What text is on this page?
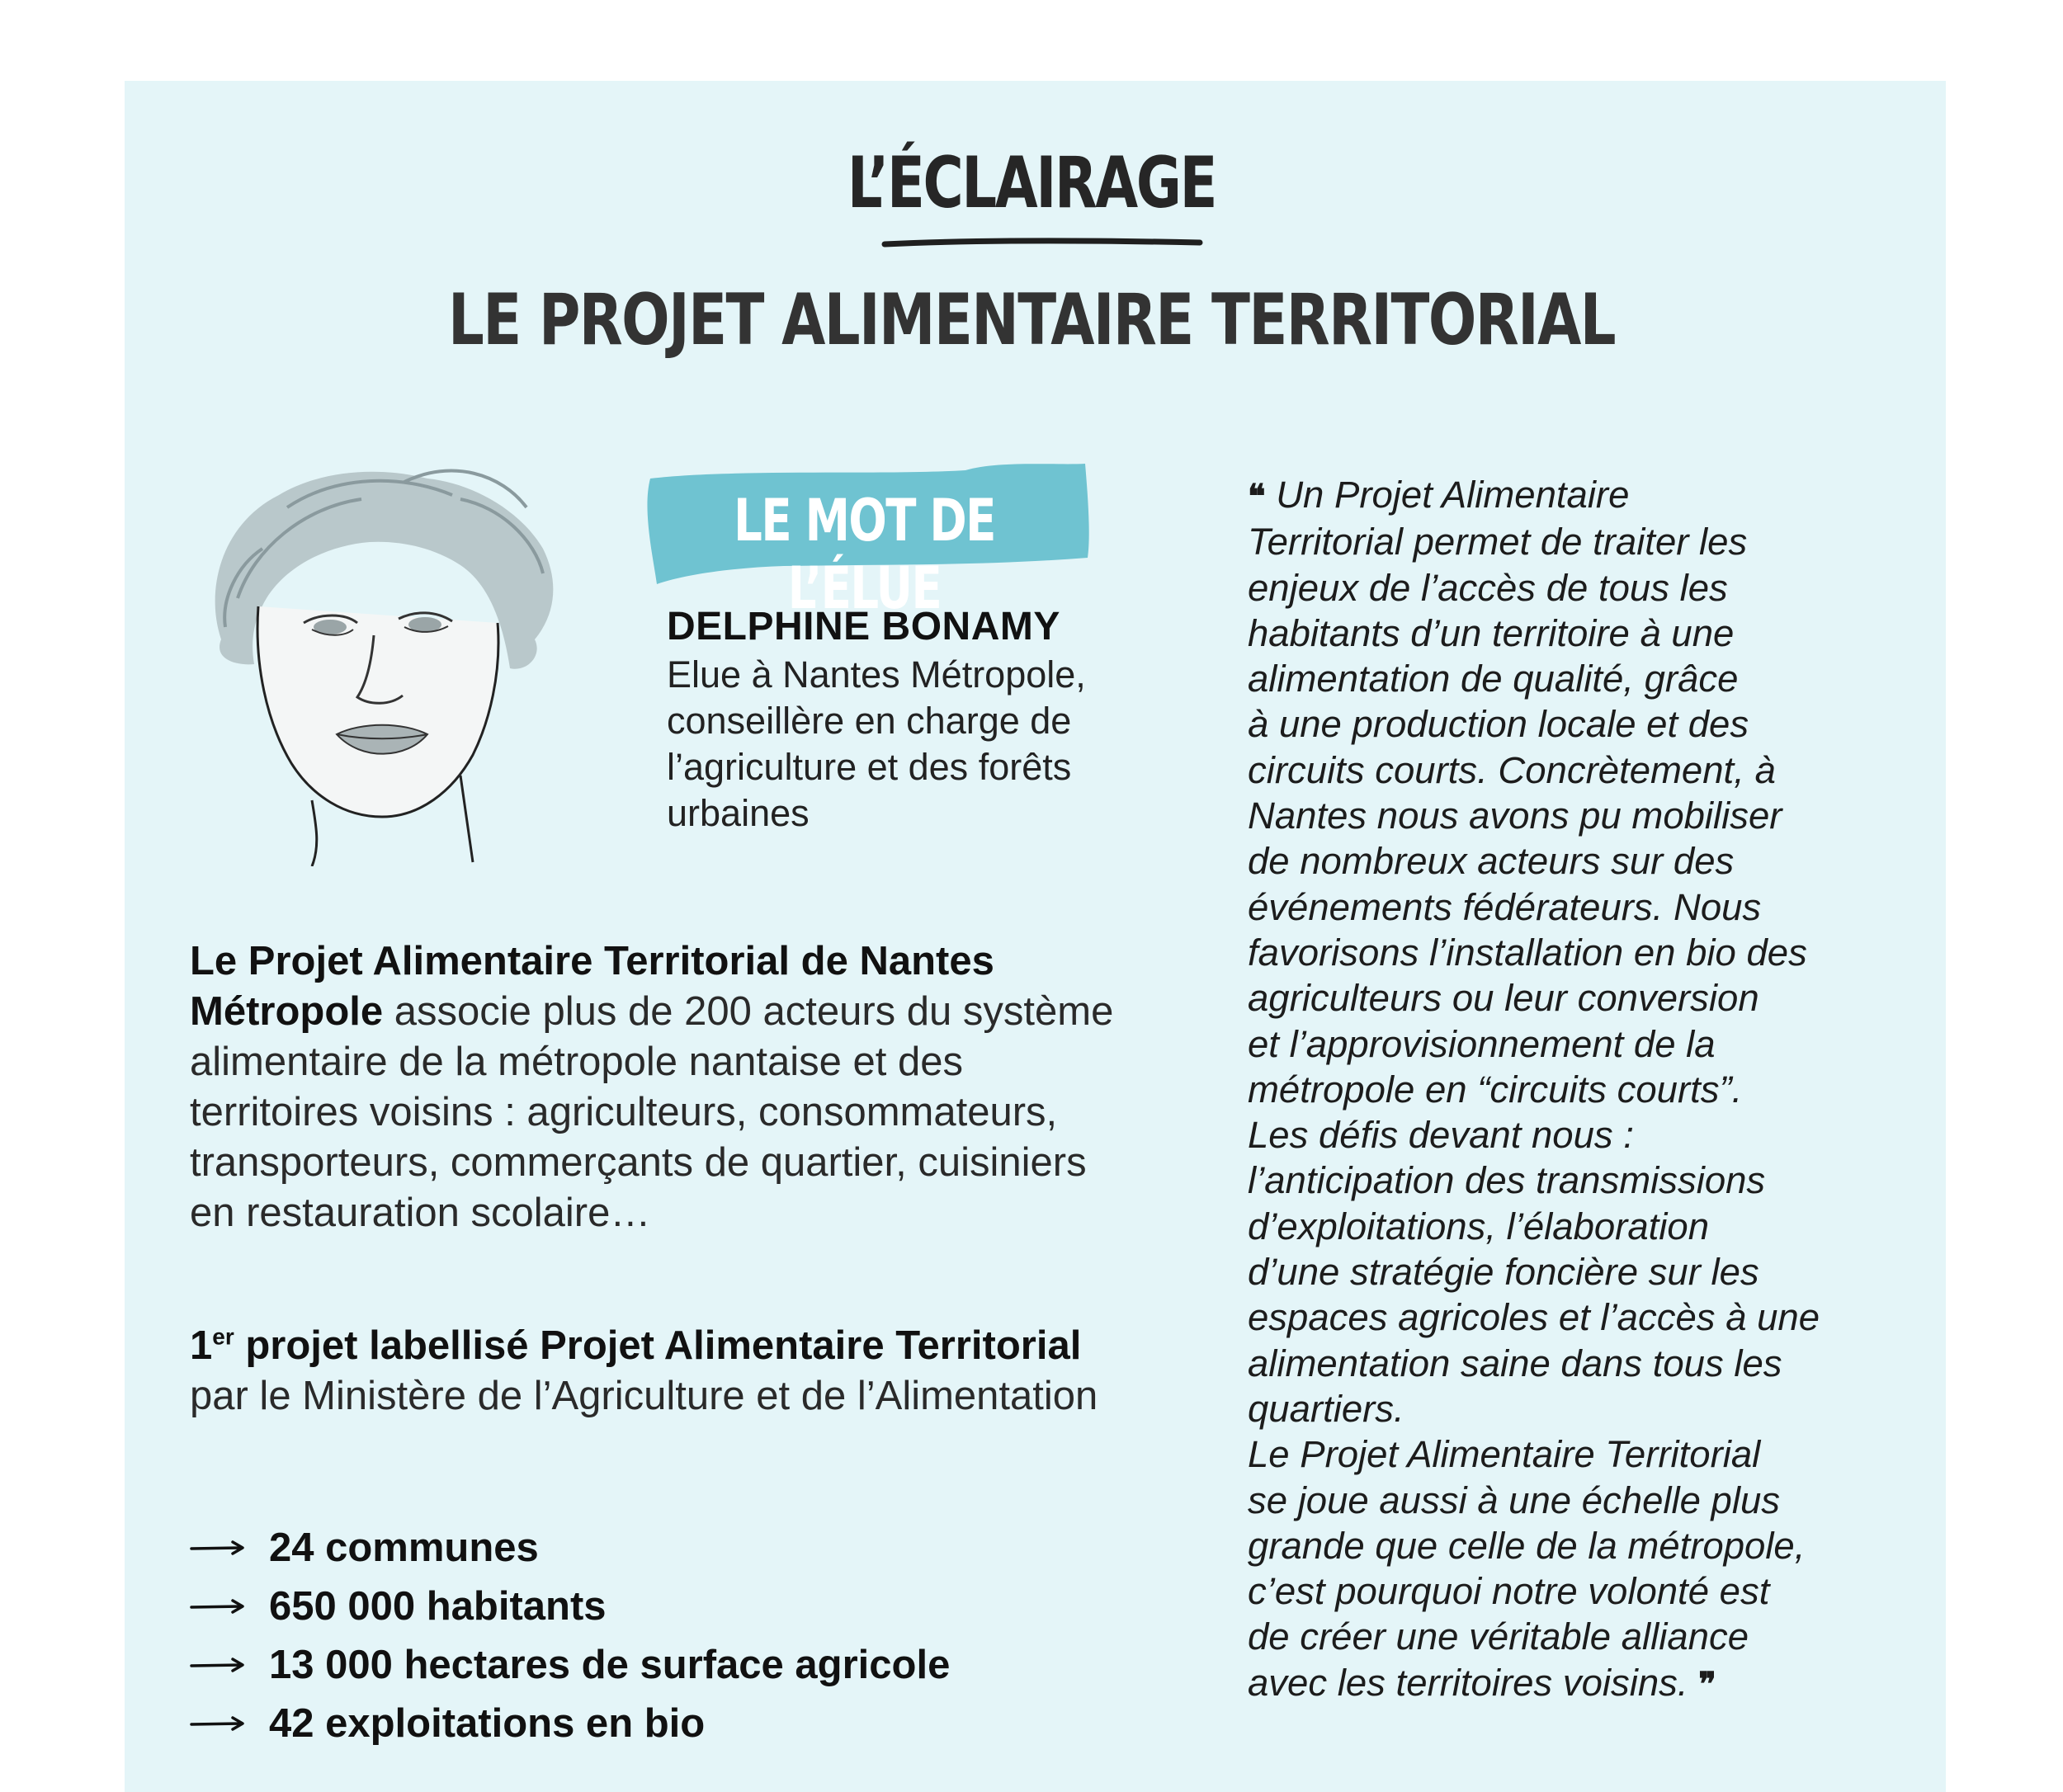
L’ÉCLAIRAGE
LE PROJET ALIMENTAIRE TERRITORIAL
LE MOT DE L’ÉLUE
DELPHINE BONAMY
Elue à Nantes Métropole, conseillère en charge de l’agriculture et des forêts urbaines
Le Projet Alimentaire Territorial de Nantes Métropole associe plus de 200 acteurs du système alimentaire de la métropole nantaise et des territoires voisins : agriculteurs, consommateurs, transporteurs, commerçants de quartier, cuisiniers en restauration scolaire…
1er projet labellisé Projet Alimentaire Territorial par le Ministère de l’Agriculture et de l’Alimentation
24 communes
650 000 habitants
13 000 hectares de surface agricole
42 exploitations en bio
❝ Un Projet Alimentaire
Territorial permet de traiter les
enjeux de l’accès de tous les
habitants d’un territoire à une
alimentation de qualité, grâce
à une production locale et des
circuits courts. Concrètement, à
Nantes nous avons pu mobiliser
de nombreux acteurs sur des
événements fédérateurs. Nous
favorisons l’installation en bio des
agriculteurs ou leur conversion
et l’approvisionnement de la
métropole en “circuits courts”.
Les défis devant nous :
l’anticipation des transmissions
d’exploitations, l’élaboration
d’une stratégie foncière sur les
espaces agricoles et l’accès à une
alimentation saine dans tous les
quartiers.
Le Projet Alimentaire Territorial
se joue aussi à une échelle plus
grande que celle de la métropole,
c’est pourquoi notre volonté est
de créer une véritable alliance
avec les territoires voisins. ❞
